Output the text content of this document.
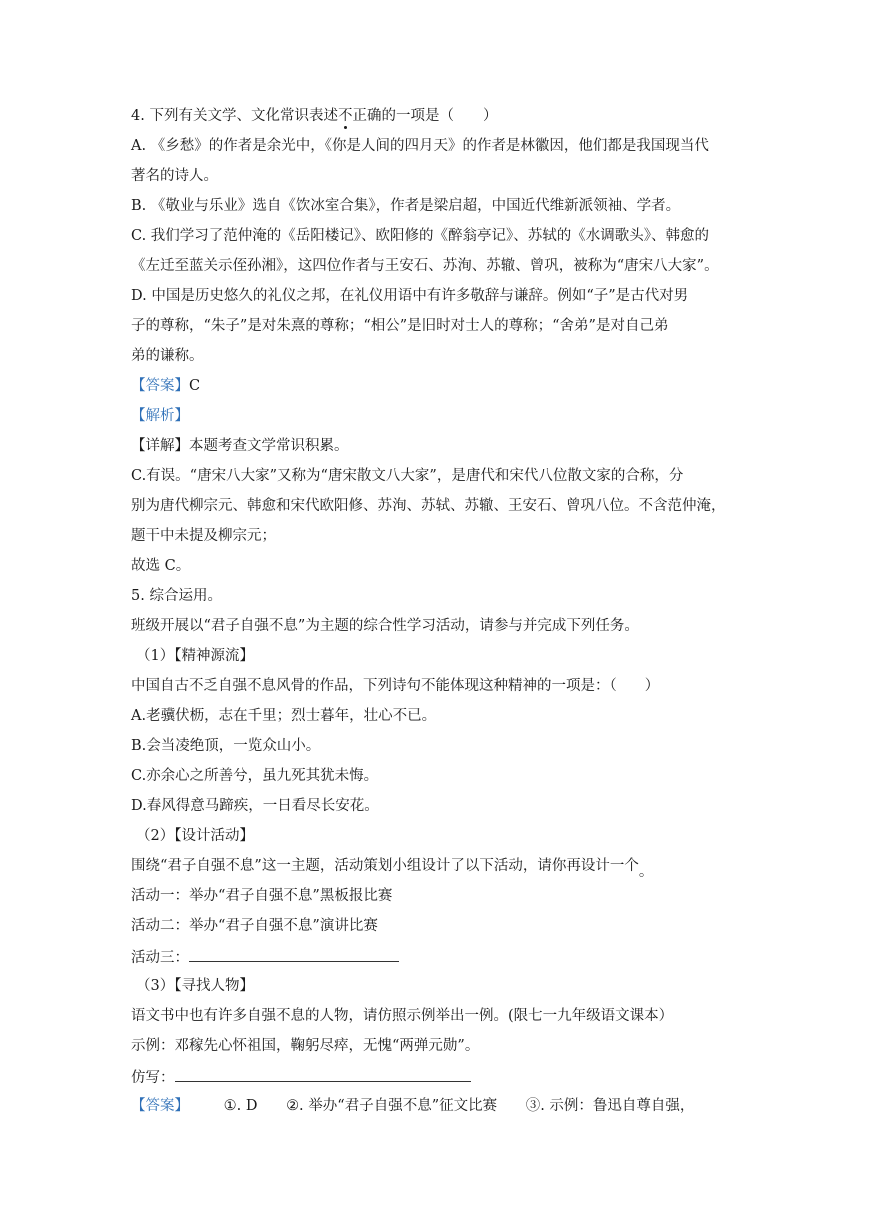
4. 下列有关文学、文化常识表述不正确的一项是（　　）
A. 《乡愁》的作者是余光中，《你是人间的四月天》的作者是林徽因，他们都是我国现当代
著名的诗人。
B. 《敬业与乐业》选自《饮冰室合集》，作者是梁启超，中国近代维新派领袖、学者。
C. 我们学习了范仲淹的《岳阳楼记》、欧阳修的《醉翁亭记》、苏轼的《水调歌头》、韩愈的
《左迁至蓝关示侄孙湘》，这四位作者与王安石、苏洵、苏辙、曾巩，被称为“唐宋八大家”。
D. 中国是历史悠久的礼仪之邦，在礼仪用语中有许多敬辞与谦辞。例如“子”是古代对男
子的尊称，“朱子”是对朱熹的尊称；“相公”是旧时对士人的尊称；“舍弟”是对自己弟
弟的谦称。
【答案】C
【解析】
【详解】本题考查文学常识积累。
C.有误。“唐宋八大家”又称为“唐宋散文八大家”，是唐代和宋代八位散文家的合称，分
别为唐代柳宗元、韩愈和宋代欧阳修、苏洵、苏轼、苏辙、王安石、曾巩八位。不含范仲淹，
题干中未提及柳宗元；
故选 C。
5. 综合运用。
班级开展以“君子自强不息”为主题的综合性学习活动，请参与并完成下列任务。
（1）【精神源流】
中国自古不乏自强不息风骨的作品，下列诗句不能体现这种精神的一项是：（ ）
A.老骥伏枥，志在千里；烈士暮年，壮心不已。
B.会当凌绝顶，一览众山小。
C.亦余心之所善兮，虽九死其犹未悔。
D.春风得意马蹄疾，一日看尽长安花。
（2）【设计活动】
围绕“君子自强不息”这一主题，活动策划小组设计了以下活动，请你再设计一个。
活动一：举办“君子自强不息”黑板报比赛
活动二：举办“君子自强不息”演讲比赛
活动三：
（3）【寻找人物】
语文书中也有许多自强不息的人物，请仿照示例举出一例。(限七一九年级语文课本）
示例：邓稼先心怀祖国，鞠躬尽瘁，无愧“两弹元勋”。
仿写：
【答案】 ①. D ②. 举办“君子自强不息”征文比赛 ③. 示例：鲁迅自尊自强，
